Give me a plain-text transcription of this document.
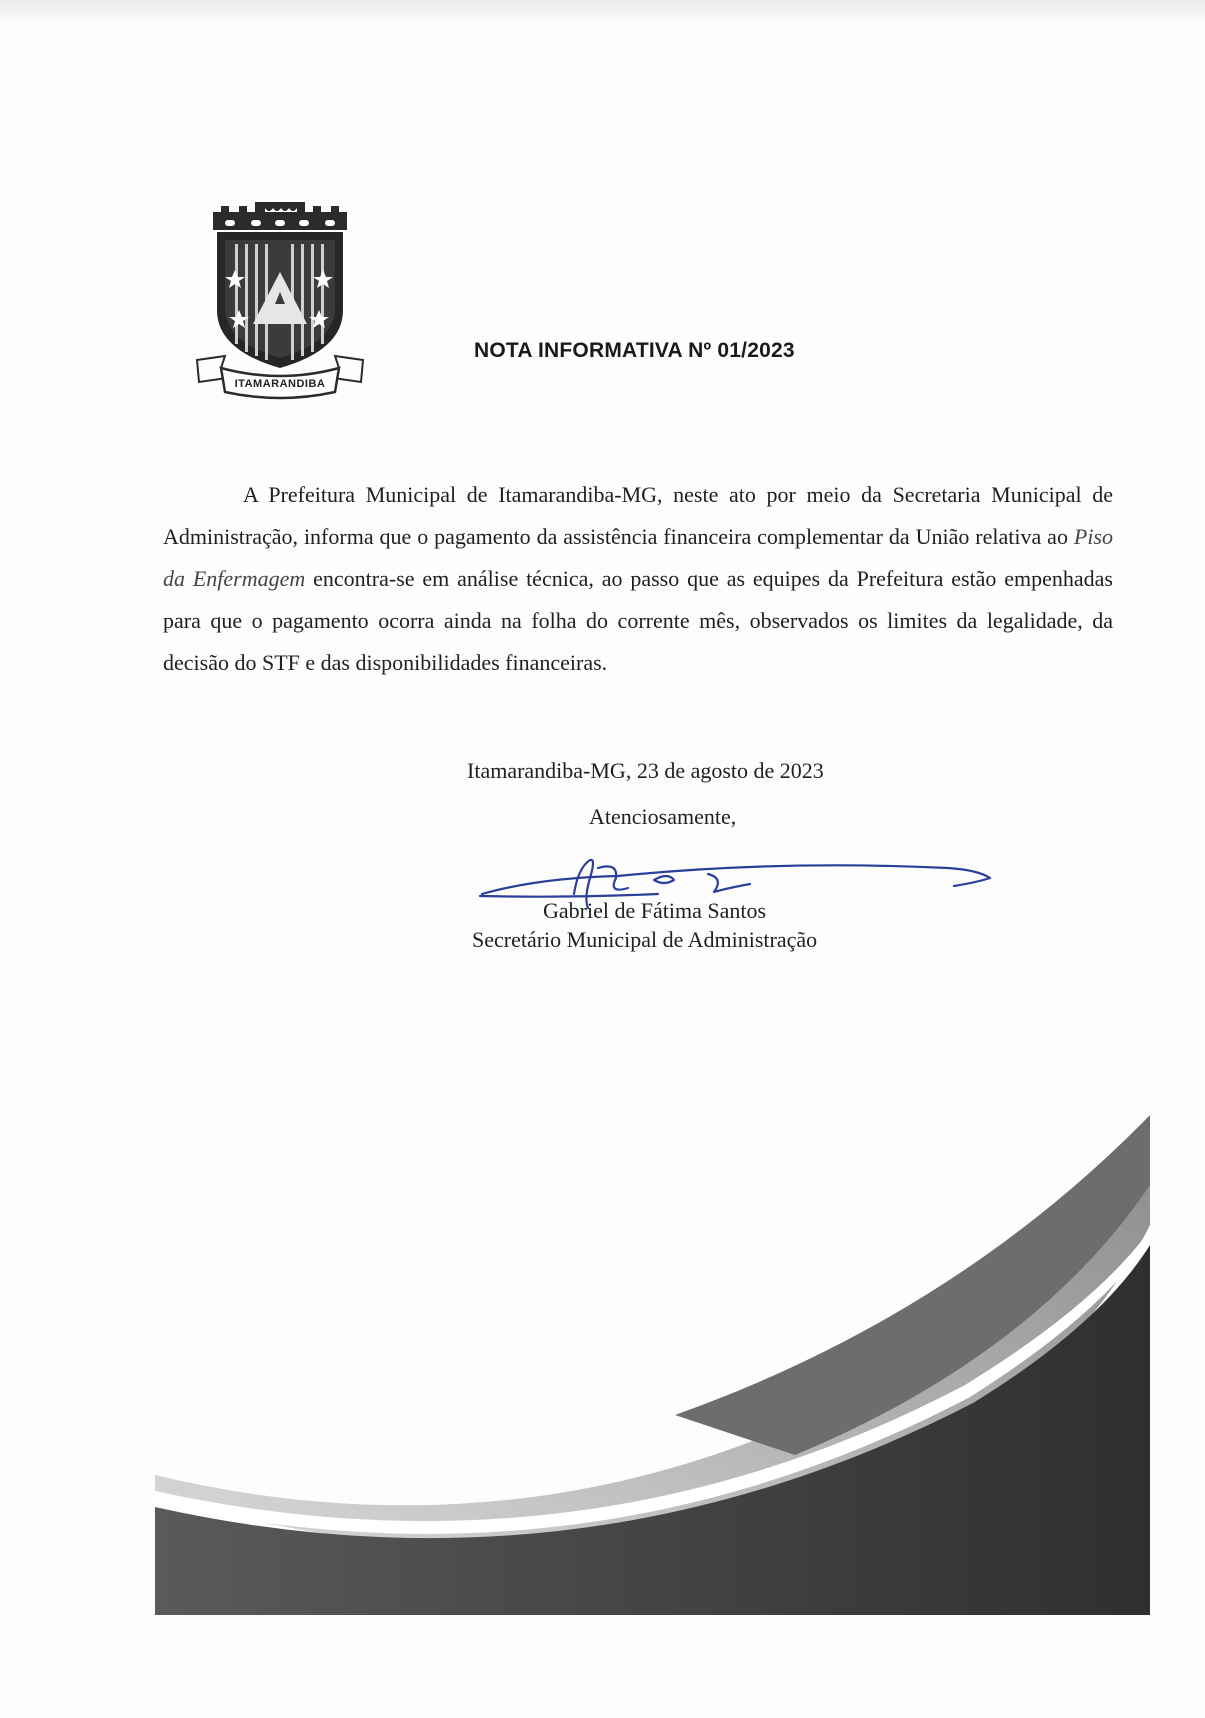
ITAMARANDIBA
NOTA INFORMATIVA Nº 01/2023
A Prefeitura Municipal de Itamarandiba-MG, neste ato por meio da Secretaria Municipal de Administração, informa que o pagamento da assistência financeira complementar da União relativa ao Piso da Enfermagem encontra-se em análise técnica, ao passo que as equipes da Prefeitura estão empenhadas para que o pagamento ocorra ainda na folha do corrente mês, observados os limites da legalidade, da decisão do STF e das disponibilidades financeiras.
Itamarandiba-MG, 23 de agosto de 2023
Atenciosamente,
Gabriel de Fátima Santos
Secretário Municipal de Administração
